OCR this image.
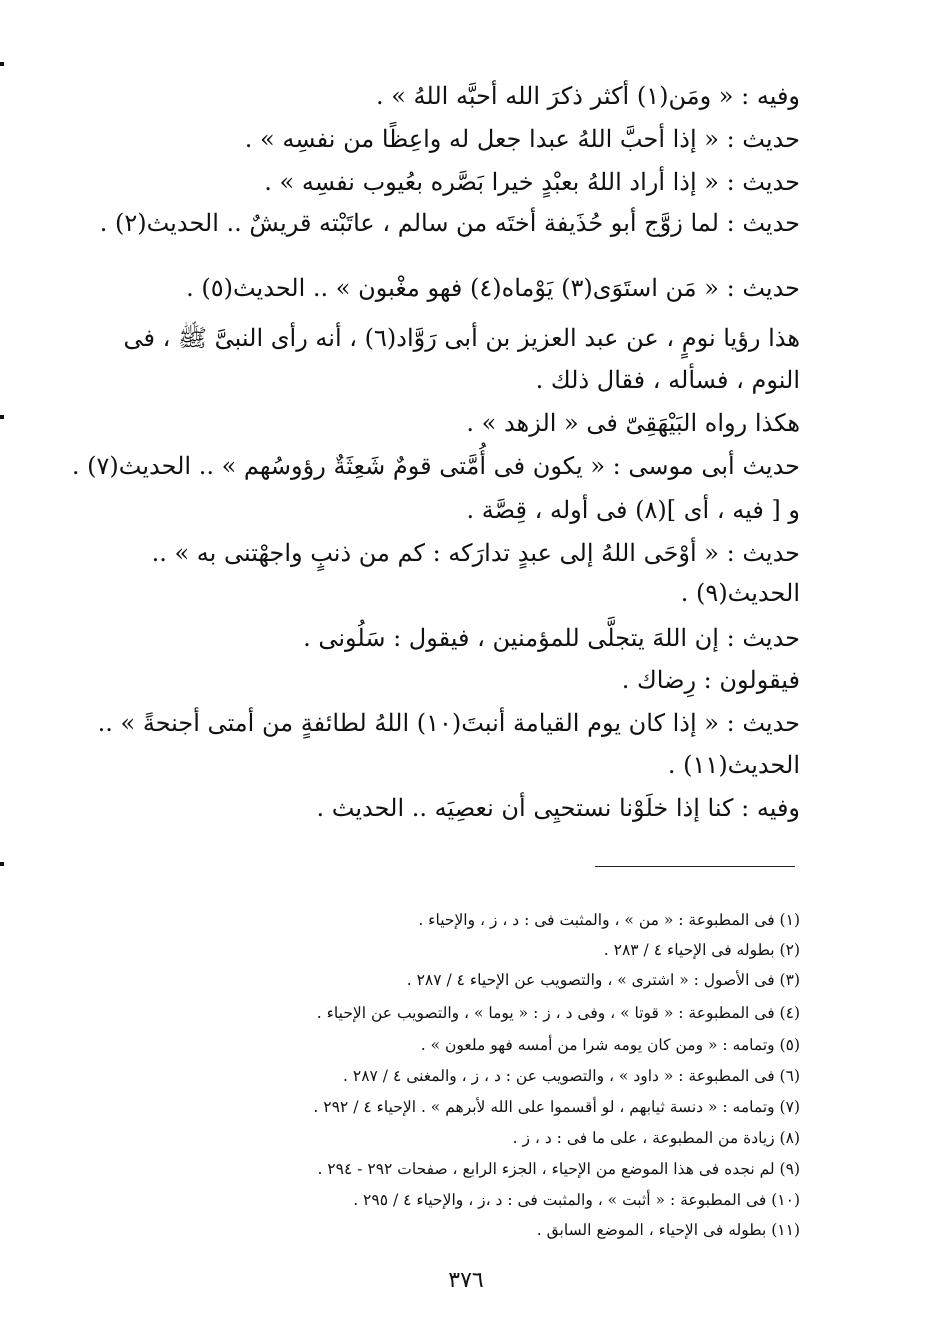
وفيه : « ومَن(١) أكثر ذكرَ الله أحبَّه اللهُ » .
حديث : « إذا أحبَّ اللهُ عبدا جعل له واعِظًا من نفسِه » .
حديث : « إذا أراد اللهُ بعبْدٍ خيرا بَصَّره بعُيوب نفسِه » .
حديث : لما زوَّج أبو حُذَيفة أختَه من سالم ، عاتَبْته قريشٌ .. الحديث(٢) .
حديث : « مَن استَوَى(٣) يَوْماه(٤) فهو مغْبون » .. الحديث(٥) .
هذا رؤيا نومٍ ، عن عبد العزيز بن أبى رَوَّاد(٦) ، أنه رأى النبىَّ ﷺ ، فى
النوم ، فسأله ، فقال ذلك .
هكذا رواه البَيْهَقِىّ فى « الزهد » .
حديث أبى موسى : « يكون فى أُمَّتى قومٌ شَعِثَةٌ رؤوسُهم » .. الحديث(٧) .
و [ فيه ، أى ](٨) فى أوله ، قِصَّة .
حديث : « أوْحَى اللهُ إلى عبدٍ تدارَكه : كم من ذنبٍ واجهْتنى به » ..
الحديث(٩) .
حديث : إن اللهَ يتجلَّى للمؤمنين ، فيقول : سَلُونى .
فيقولون : رِضاك .
حديث : « إذا كان يوم القيامة أنبتَ(١٠) اللهُ لطائفةٍ من أمتى أجنحةً » ..
الحديث(١١) .
وفيه : كنا إذا خلَوْنا نستحيِى أن نعصِيَه .. الحديث .
(١) فى المطبوعة : « من » ، والمثبت فى : د ، ز ، والإحياء .
(٢) بطوله فى الإحياء ٤ / ٢٨٣ .
(٣) فى الأصول : « اشترى » ، والتصويب عن الإحياء ٤ / ٢٨٧ .
(٤) فى المطبوعة : « قوتا » ، وفى د ، ز : « يوما » ، والتصويب عن الإحياء .
(٥) وتمامه : « ومن كان يومه شرا من أمسه فهو ملعون » .
(٦) فى المطبوعة : « داود » ، والتصويب عن : د ، ز ، والمغنى ٤ / ٢٨٧ .
(٧) وتمامه : « دنسة ثيابهم ، لو أقسموا على الله لأبرهم » . الإحياء ٤ / ٢٩٢ .
(٨) زيادة من المطبوعة ، على ما فى : د ، ز .
(٩) لم نجده فى هذا الموضع من الإحياء ، الجزء الرابع ، صفحات ٢٩٢ - ٢٩٤ .
(١٠) فى المطبوعة : « أثبت » ، والمثبت فى : د ،ز ، والإحياء ٤ / ٢٩٥ .
(١١) بطوله فى الإحياء ، الموضع السابق .
٣٧٦
